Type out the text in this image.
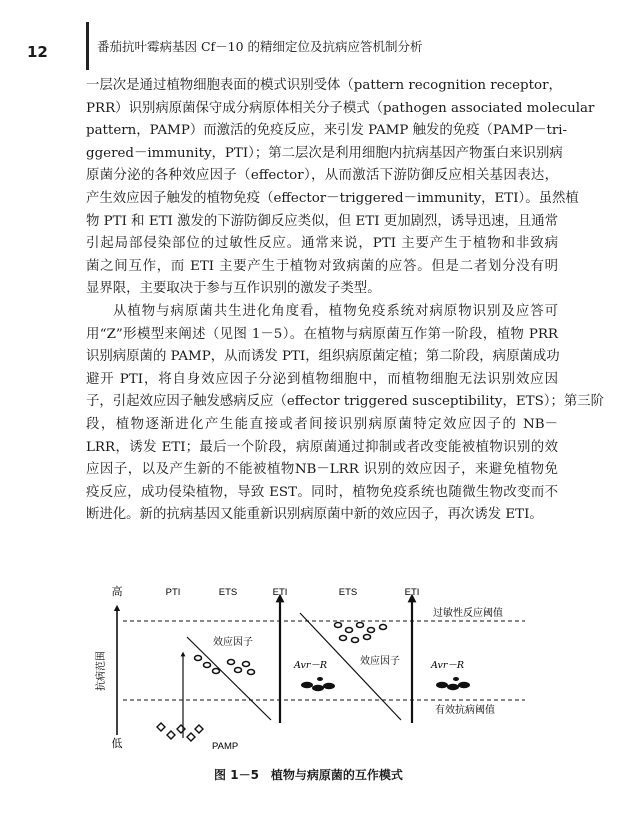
12	番茄抗叶霉病基因 Cf－10 的精细定位及抗病应答机制分析
一层次是通过植物细胞表面的模式识别受体（pattern recognition receptor，
PRR）识别病原菌保守成分病原体相关分子模式（pathogen associated molecular
pattern，PAMP）而激活的免疫反应，来引发 PAMP 触发的免疫（PAMP－tri-
ggered－immunity，PTI）；第二层次是利用细胞内抗病基因产物蛋白来识别病
原菌分泌的各种效应因子（effector），从而激活下游防御反应相关基因表达，
产生效应因子触发的植物免疫（effector－triggered－immunity，ETI）。虽然植
物 PTI 和 ETI 激发的下游防御反应类似，但 ETI 更加剧烈，诱导迅速，且通常
引起局部侵染部位的过敏性反应。通常来说，PTI 主要产生于植物和非致病
菌之间互作，而 ETI 主要产生于植物对致病菌的应答。但是二者划分没有明
显界限，主要取决于参与互作识别的激发子类型。
从植物与病原菌共生进化角度看，植物免疫系统对病原物识别及应答可
用“Z”形模型来阐述（见图 1－5）。在植物与病原菌互作第一阶段，植物 PRR
识别病原菌的 PAMP，从而诱发 PTI，组织病原菌定植；第二阶段，病原菌成功
避开 PTI，将自身效应因子分泌到植物细胞中，而植物细胞无法识别效应因
子，引起效应因子触发感病反应（effector triggered susceptibility，ETS）；第三阶
段，植物逐渐进化产生能直接或者间接识别病原菌特定效应因子的 NB－
LRR，诱发 ETI；最后一个阶段，病原菌通过抑制或者改变能被植物识别的效
应因子，以及产生新的不能被植物NB－LRR 识别的效应因子，来避免植物免
疫反应，成功侵染植物，导致 EST。同时，植物免疫系统也随微生物改变而不
断进化。新的抗病基因又能重新识别病原菌中新的效应因子，再次诱发 ETI。
高
低
抗病范围
PTI	ETS	ETI	ETS	ETI
过敏性反应阈值
有效抗病阈值
效应因子
效应因子
Avr－R	Avr－R
PAMP
图 1－5　植物与病原菌的互作模式
